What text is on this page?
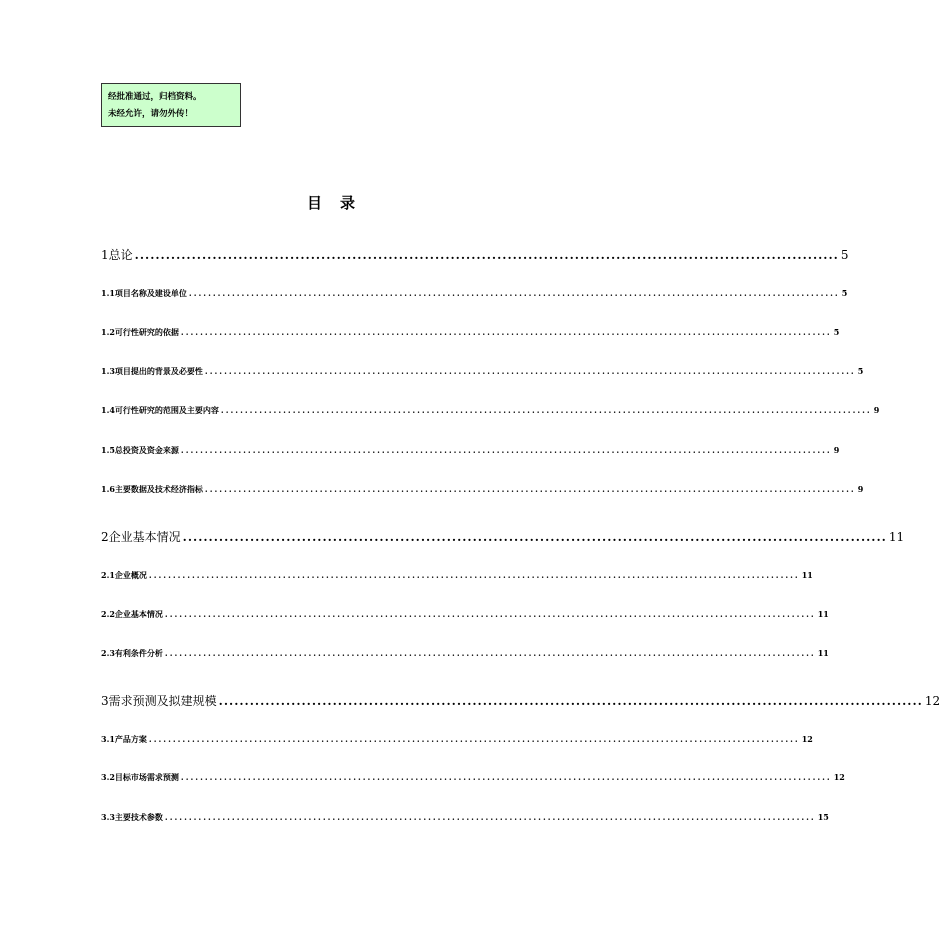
经批准通过，归档资料。
未经允许，请勿外传！
目录
1 总论 ........................................................................................................................................ 5
1.1 项目名称及建设单位 ........................................................................................................................................ 5
1.2 可行性研究的依据 ........................................................................................................................................ 5
1.3 项目提出的背景及必要性 ........................................................................................................................................ 5
1.4 可行性研究的范围及主要内容 ........................................................................................................................................ 9
1.5 总投资及资金来源 ........................................................................................................................................ 9
1.6 主要数据及技术经济指标 ........................................................................................................................................ 9
2 企业基本情况 ........................................................................................................................................ 11
2.1 企业概况 ........................................................................................................................................ 11
2.2 企业基本情况 ........................................................................................................................................ 11
2.3 有利条件分析 ........................................................................................................................................ 11
3 需求预测及拟建规模 ........................................................................................................................................ 12
3.1 产品方案 ........................................................................................................................................ 12
3.2 目标市场需求预测 ........................................................................................................................................ 12
3.3 主要技术参数 ........................................................................................................................................ 15
